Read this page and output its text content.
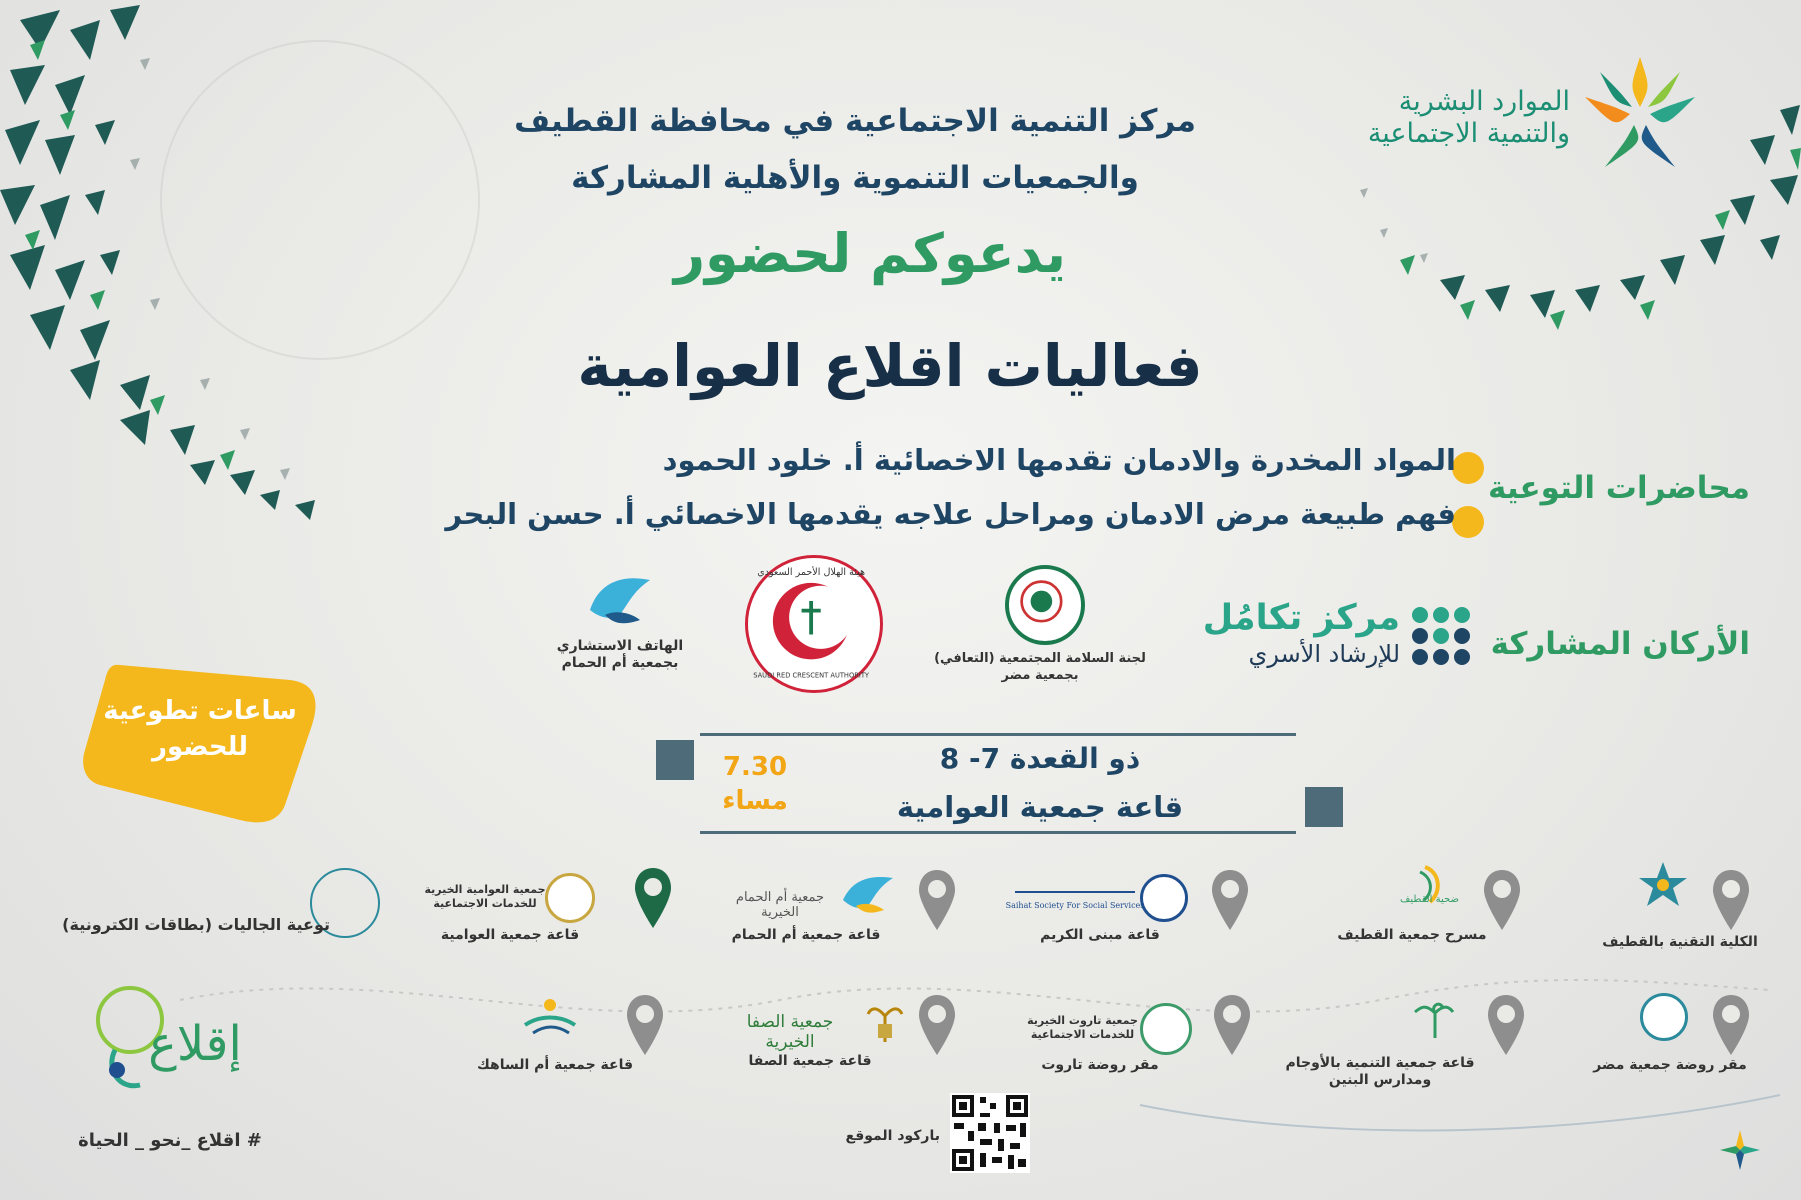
الموارد البشرية
والتنمية الاجتماعية
مركز التنمية الاجتماعية في محافظة القطيف
والجمعيات التنموية والأهلية المشاركة
يدعوكم لحضور
فعاليات اقلاع العوامية
محاضرات التوعية
المواد المخدرة والادمان تقدمها الاخصائية أ. خلود الحمود
فهم طبيعة مرض الادمان ومراحل علاجه يقدمها الاخصائي أ. حسن البحر
الأركان المشاركة
مركز تكامُل
للإرشاد الأسري
لجنة السلامة المجتمعية (التعافي)
بجمعية مضر
هيئة الهلال الأحمر السعودي
SAUDI RED CRESCENT AUTHORITY
الهاتف الاستشاري
بجمعية أم الحمام
ساعات تطوعية
للحضور	ذو القعدة 7- 8
قاعة جمعية العوامية
7.30
مساء
الكلية التقنية بالقطيف
ضحية القطيف
مسرح جمعية القطيف
Saihat Society For Social Services
قاعة مبنى الكريم
جمعية أم الحمام الخيرية
قاعة جمعية أم الحمام
جمعية العوامية الخيرية
للخدمات الاجتماعية
قاعة جمعية العوامية
توعية الجاليات (بطاقات الكترونية)
مقر روضة جمعية مضر
قاعة جمعية التنمية بالأوجام
ومدارس البنين
جمعية تاروت الخيرية
للخدمات الاجتماعية
مقر روضة تاروت
جمعية الصفا الخيرية
قاعة جمعية الصفا
قاعة جمعية أم الساهك
إقلاع
# اقلاع _نحو _ الحياة	باركود الموقع
